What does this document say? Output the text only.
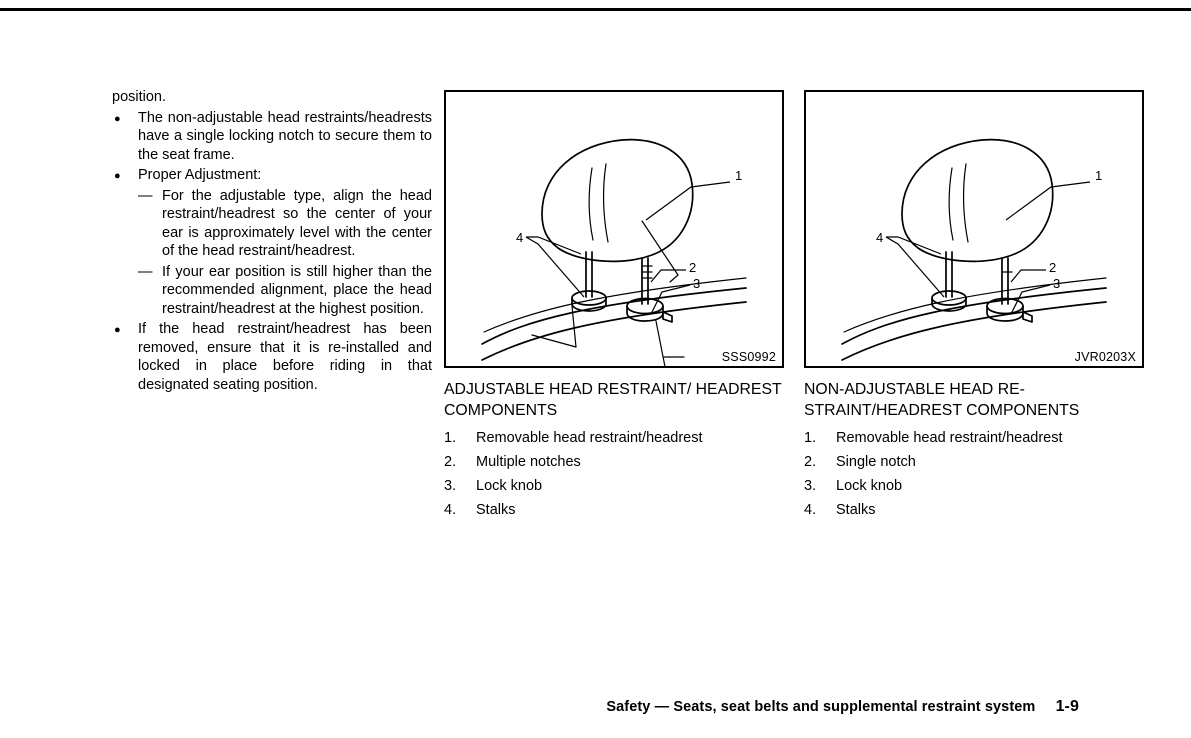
position.

● The non-adjustable head restraints/headrests have a single locking notch to secure them to the seat frame.
● Proper Adjustment:
— For the adjustable type, align the head restraint/headrest so the center of your ear is approximately level with the center of the head restraint/headrest.
— If your ear position is still higher than the recommended alignment, place the head restraint/headrest at the highest position.
● If the head restraint/headrest has been removed, ensure that it is re-installed and locked in place before riding in that designated seating position.
1
2
3
4
SSS0992
1
2
3
4
JVR0203X

ADJUSTABLE HEAD RESTRAINT/ HEADREST COMPONENTS

1. Removable head restraint/headrest
2. Multiple notches
3. Lock knob
4. Stalks

NON-ADJUSTABLE HEAD RE- STRAINT/HEADREST COMPONENTS

1. Removable head restraint/headrest
2. Single notch
3. Lock knob
4. Stalks
Safety — Seats, seat belts and supplemental restraint system 1-9
